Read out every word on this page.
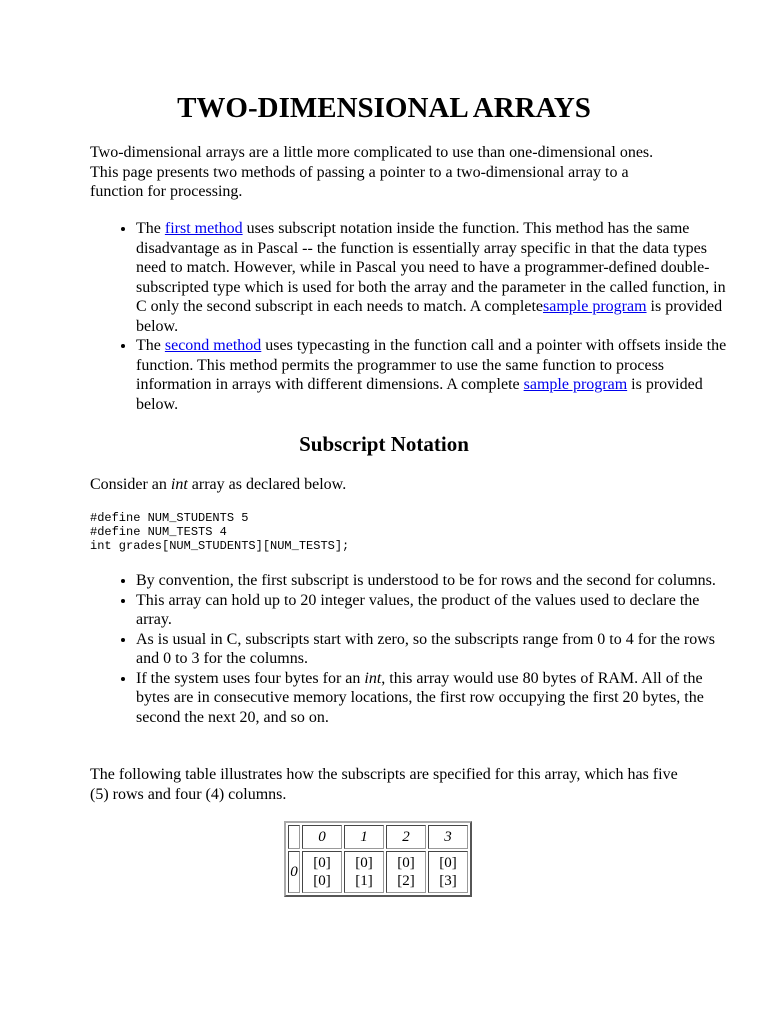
TWO-DIMENSIONAL ARRAYS

Two-dimensional arrays are a little more complicated to use than one-dimensional ones. This page presents two methods of passing a pointer to a two-dimensional array to a function for processing.

• The first method uses subscript notation inside the function. This method has the same disadvantage as in Pascal -- the function is essentially array specific in that the data types need to match. However, while in Pascal you need to have a programmer-defined double-subscripted type which is used for both the array and the parameter in the called function, in C only the second subscript in each needs to match. A completesample program is provided below.
• The second method uses typecasting in the function call and a pointer with offsets inside the function. This method permits the programmer to use the same function to process information in arrays with different dimensions. A complete sample program is provided below.
Subscript Notation

Consider an int array as declared below.

#define NUM_STUDENTS 5
#define NUM_TESTS 4
int grades[NUM_STUDENTS][NUM_TESTS];
• By convention, the first subscript is understood to be for rows and the second for columns.
• This array can hold up to 20 integer values, the product of the values used to declare the array.
• As is usual in C, subscripts start with zero, so the subscripts range from 0 to 4 for the rows and 0 to 3 for the columns.
• If the system uses four bytes for an int, this array would use 80 bytes of RAM. All of the bytes are in consecutive memory locations, the first row occupying the first 20 bytes, the second the next 20, and so on.

The following table illustrates how the subscripts are specified for this array, which has five (5) rows and four (4) columns.

	0	1	2	3
0	[0][0]	[0][1]	[0][2]	[0][3]
